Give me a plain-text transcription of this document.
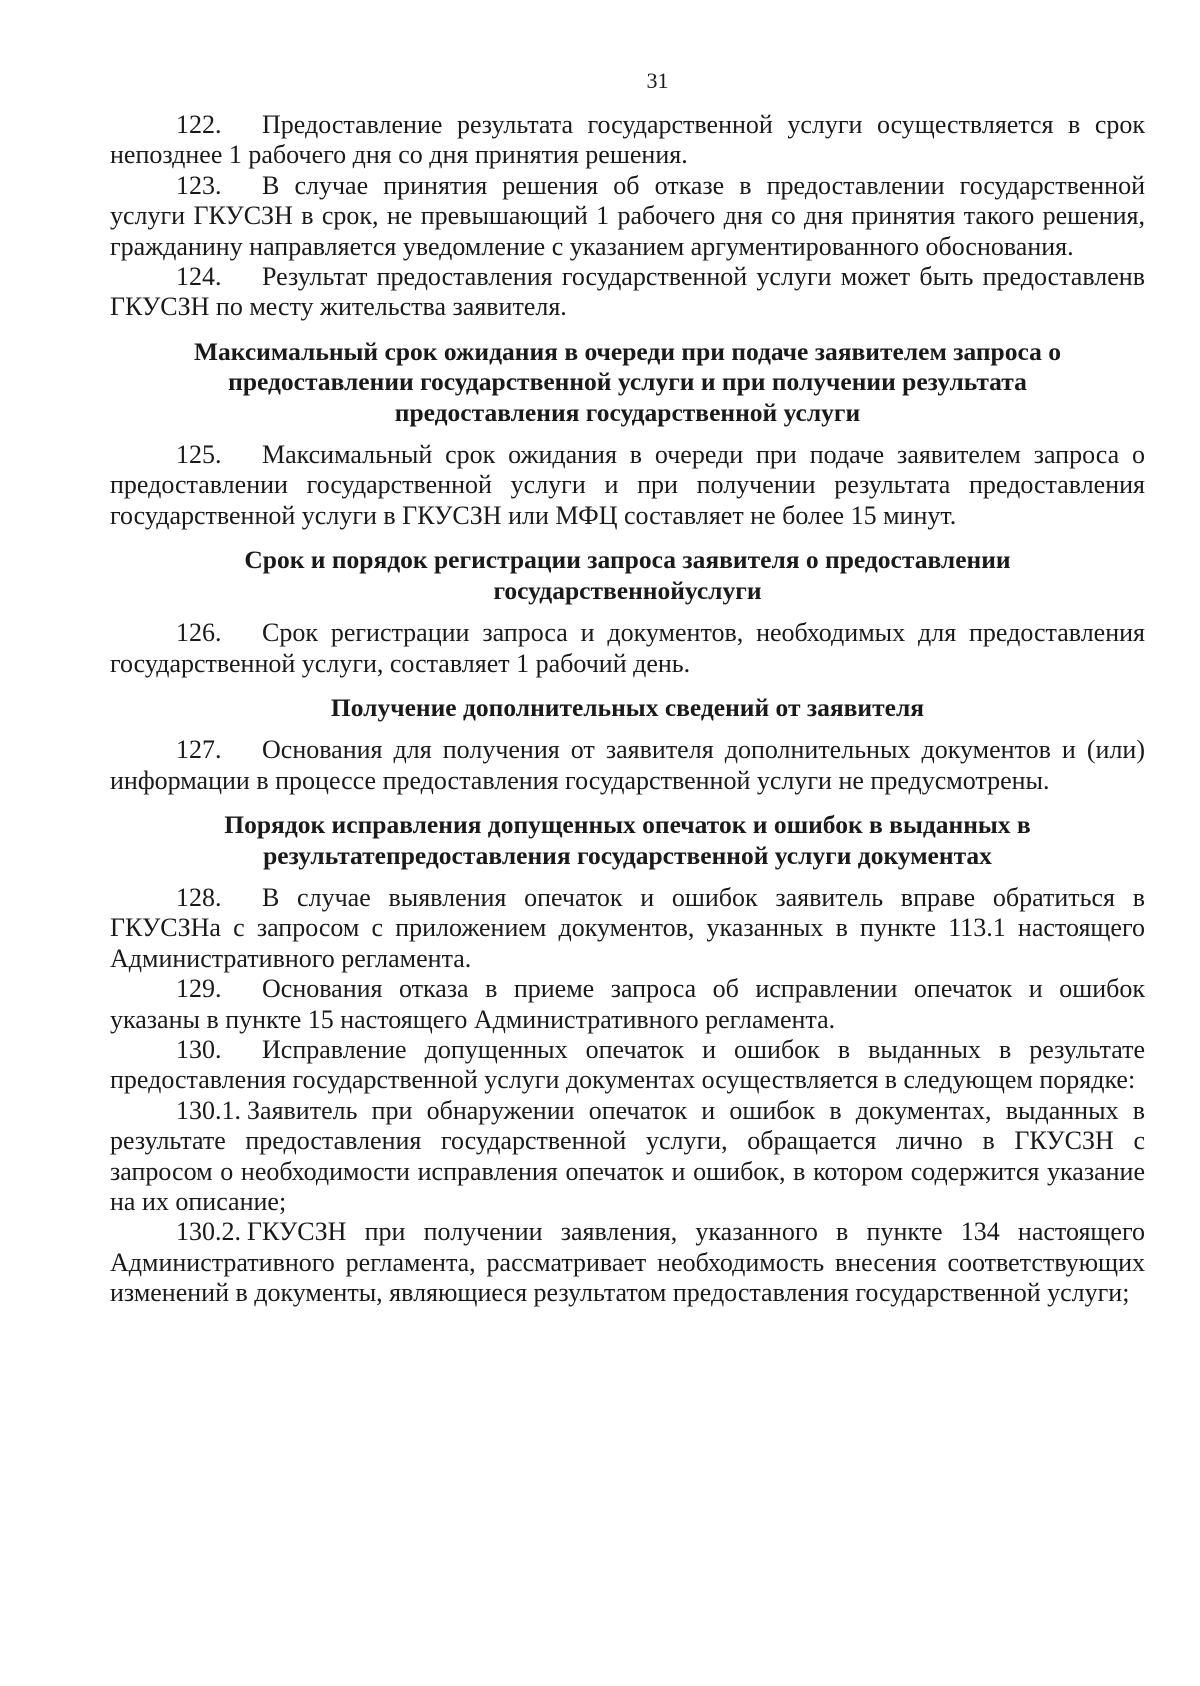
31

122. Предоставление результата государственной услуги осуществляется в срок непозднее 1 рабочего дня со дня принятия решения.

123. В случае принятия решения об отказе в предоставлении государственной услуги ГКУСЗН в срок, не превышающий 1 рабочего дня со дня принятия такого решения, гражданину направляется уведомление с указанием аргументированного обоснования.

124. Результат предоставления государственной услуги может быть предоставленв ГКУСЗН по месту жительства заявителя.

Максимальный срок ожидания в очереди при подаче заявителем запроса о
предоставлении государственной услуги и при получении результата
предоставления государственной услуги

125. Максимальный срок ожидания в очереди при подаче заявителем запроса о предоставлении государственной услуги и при получении результата предоставления государственной услуги в ГКУСЗН или МФЦ составляет не более 15 минут.

Срок и порядок регистрации запроса заявителя о предоставлении
государственнойуслуги

126. Срок регистрации запроса и документов, необходимых для предоставления государственной услуги, составляет 1 рабочий день.

Получение дополнительных сведений от заявителя

127. Основания для получения от заявителя дополнительных документов и (или) информации в процессе предоставления государственной услуги не предусмотрены.

Порядок исправления допущенных опечаток и ошибок в выданных в
результатепредоставления государственной услуги документах

128. В случае выявления опечаток и ошибок заявитель вправе обратиться в ГКУСЗНа с запросом с приложением документов, указанных в пункте 113.1 настоящего Административного регламента.

129. Основания отказа в приеме запроса об исправлении опечаток и ошибок указаны в пункте 15 настоящего Административного регламента.

130. Исправление допущенных опечаток и ошибок в выданных в результате предоставления государственной услуги документах осуществляется в следующем порядке:

130.1. Заявитель при обнаружении опечаток и ошибок в документах, выданных в результате предоставления государственной услуги, обращается лично в ГКУСЗН с запросом о необходимости исправления опечаток и ошибок, в котором содержится указание на их описание;

130.2. ГКУСЗН при получении заявления, указанного в пункте 134 настоящего Административного регламента, рассматривает необходимость внесения соответствующих изменений в документы, являющиеся результатом предоставления государственной услуги;
